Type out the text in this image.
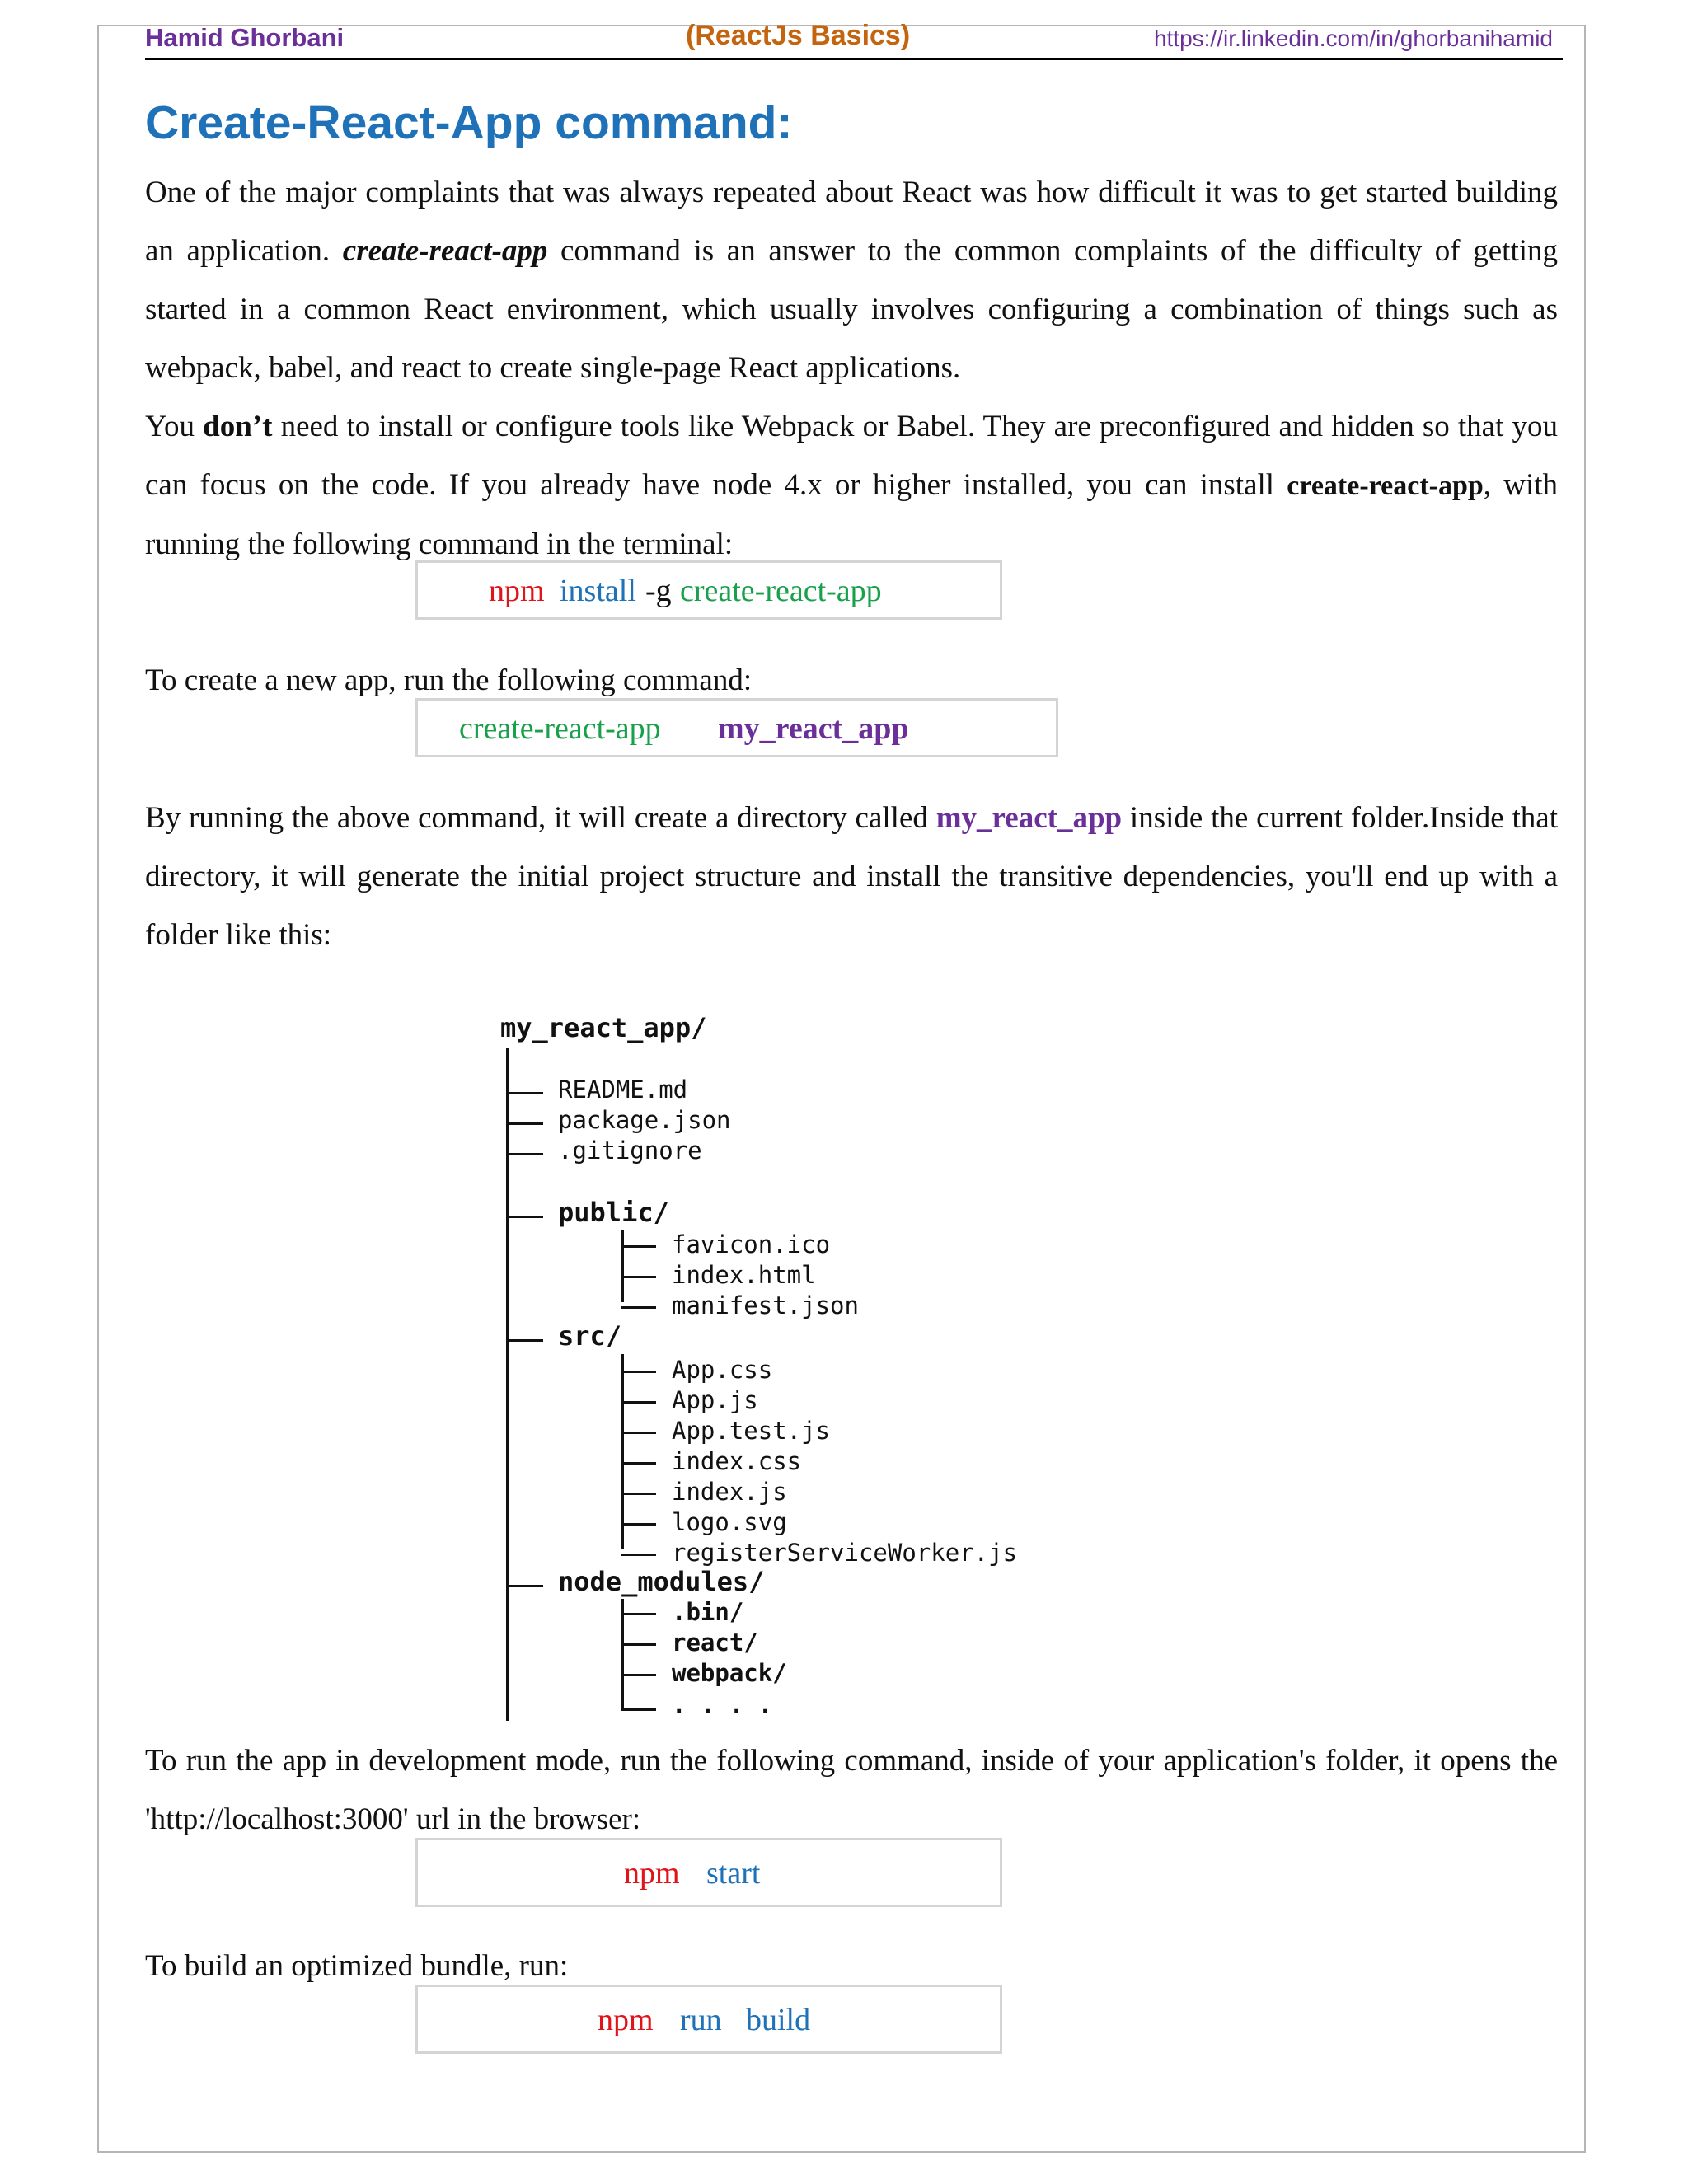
Hamid Ghorbani	(ReactJs Basics)	https://ir.linkedin.com/in/ghorbanihamid
Create-React-App command:

One of the major complaints that was always repeated about React was how difficult it was to get started building an application. create-react-app command is an answer to the common complaints of the difficulty of getting started in a common React environment, which usually involves configuring a combination of things such as webpack, babel, and react to create single-page React applications.

You don’t need to install or configure tools like Webpack or Babel. They are preconfigured and hidden so that you can focus on the code. If you already have node 4.x or higher installed, you can install create-react-app, with running the following command in the terminal:

npm install -g create-react-app

To create a new app, run the following command:

create-react-app my_react_app

By running the above command, it will create a directory called my_react_app inside the current folder.Inside that directory, it will generate the initial project structure and install the transitive dependencies, you'll end up with a folder like this:

my_react_app/
README.md
package.json
.gitignore
public/
favicon.ico
index.html
manifest.json
src/
App.css
App.js
App.test.js
index.css
index.js
logo.svg
registerServiceWorker.js
node_modules/
.bin/
react/
webpack/
. . . .

To run the app in development mode, run the following command, inside of your application's folder, it opens the 'http://localhost:3000' url in the browser:

npm start

To build an optimized bundle, run:

npm run build
